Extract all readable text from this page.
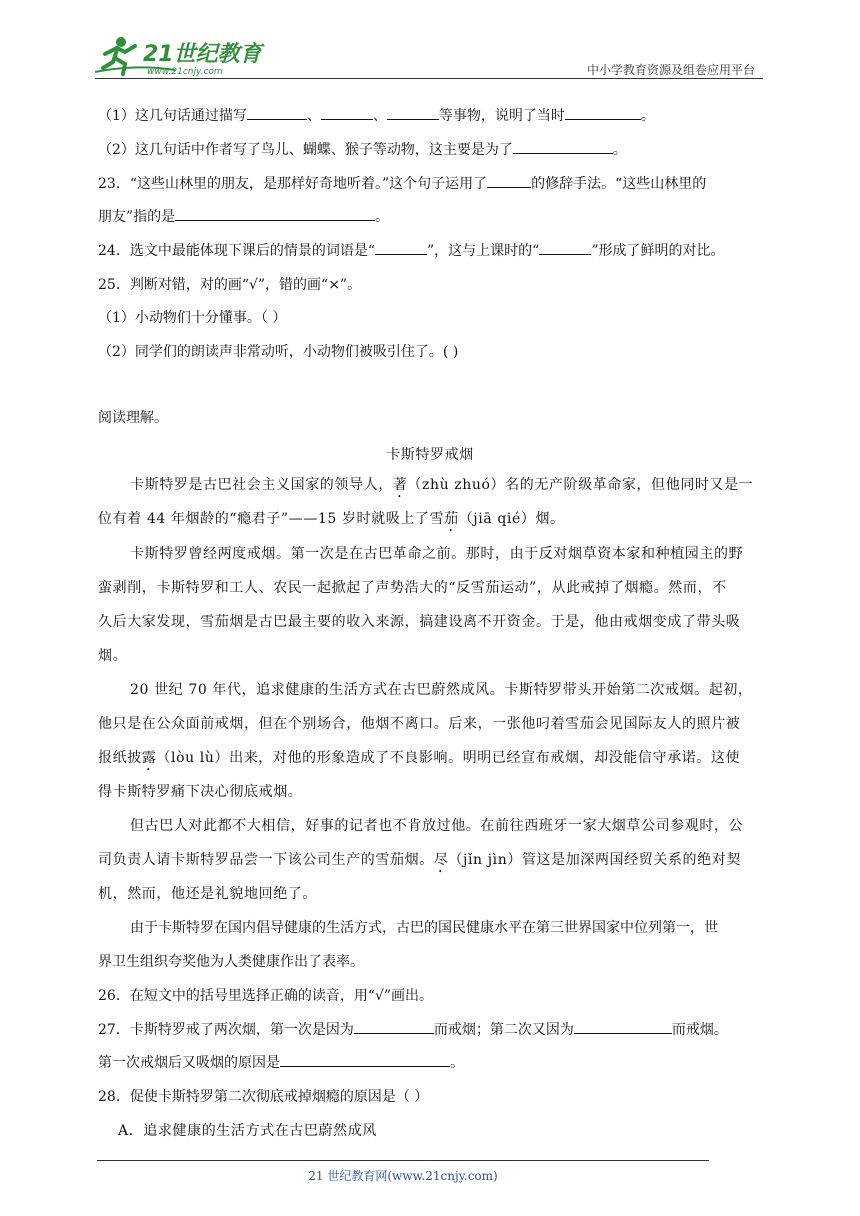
21世纪教育
www.21cnjy.com	中小学教育资源及组卷应用平台
（1）这几句话通过描写	、	、	等事物，说明了当时	。
（2）这几句话中作者写了鸟儿、蝴蝶、猴子等动物，这主要是为了	。
23．“这些山林里的朋友，是那样好奇地听着。”这个句子运用了	的修辞手法。“这些山林里的
朋友”指的是	。
24．选文中最能体现下课后的情景的词语是“	”，这与上课时的“	”形成了鲜明的对比。
25．判断对错，对的画“√”，错的画“×”。
（1）小动物们十分懂事。（ ）
（2）同学们的朗读声非常动听，小动物们被吸引住了。( )
阅读理解。
卡斯特罗戒烟
卡斯特罗是古巴社会主义国家的领导人，著（zhù zhuó）名的无产阶级革命家，但他同时又是一
位有着 44 年烟龄的“瘾君子”——15 岁时就吸上了雪茄（jiā qié）烟。
卡斯特罗曾经两度戒烟。第一次是在古巴革命之前。那时，由于反对烟草资本家和种植园主的野
蛮剥削，卡斯特罗和工人、农民一起掀起了声势浩大的“反雪茄运动”，从此戒掉了烟瘾。然而，不
久后大家发现，雪茄烟是古巴最主要的收入来源，搞建设离不开资金。于是，他由戒烟变成了带头吸
烟。
20 世纪 70 年代，追求健康的生活方式在古巴蔚然成风。卡斯特罗带头开始第二次戒烟。起初，
他只是在公众面前戒烟，但在个别场合，他烟不离口。后来，一张他叼着雪茄会见国际友人的照片被
报纸披露（lòu lù）出来，对他的形象造成了不良影响。明明已经宣布戒烟，却没能信守承诺。这使
得卡斯特罗痛下决心彻底戒烟。
但古巴人对此都不大相信，好事的记者也不肯放过他。在前往西班牙一家大烟草公司参观时，公
司负责人请卡斯特罗品尝一下该公司生产的雪茄烟。尽（jǐn jìn）管这是加深两国经贸关系的绝对契
机，然而，他还是礼貌地回绝了。
由于卡斯特罗在国内倡导健康的生活方式，古巴的国民健康水平在第三世界国家中位列第一，世
界卫生组织夸奖他为人类健康作出了表率。
26．在短文中的括号里选择正确的读音，用“√”画出。
27．卡斯特罗戒了两次烟，第一次是因为	而戒烟；第二次又因为	而戒烟。
第一次戒烟后又吸烟的原因是	。
28．促使卡斯特罗第二次彻底戒掉烟瘾的原因是（ ）
A．追求健康的生活方式在古巴蔚然成风
21 世纪教育网(www.21cnjy.com)
